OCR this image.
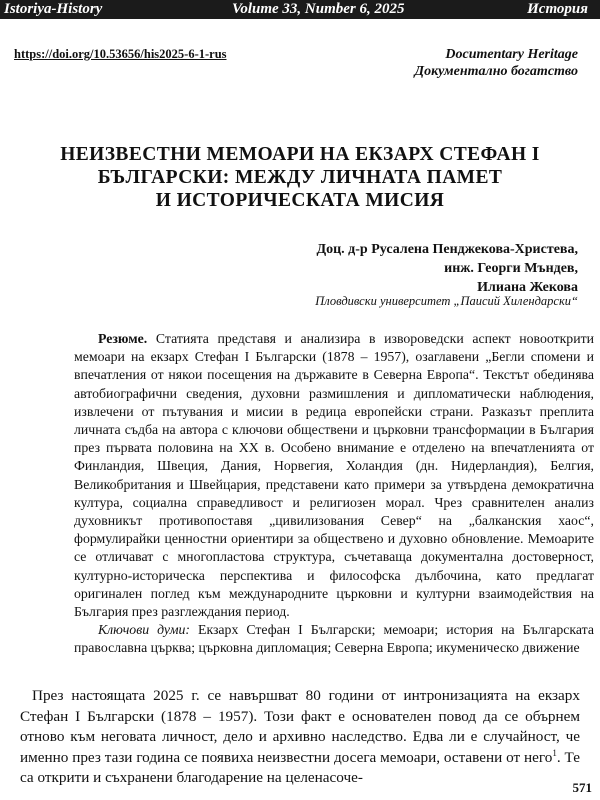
Istoriya-History	Volume 33, Number 6, 2025	История
https://doi.org/10.53656/his2025-6-1-rus	Documentary Heritage
Документално богатство
НЕИЗВЕСТНИ МЕМОАРИ НА ЕКЗАРХ СТЕФАН I
БЪЛГАРСКИ: МЕЖДУ ЛИЧНАТА ПАМЕТ
И ИСТОРИЧЕСКАТА МИСИЯ
Доц. д-р Русалена Пенджекова-Христева,
инж. Георги Мъндев,
Илиана Жекова
Пловдивски университет „Паисий Хилендарски“

Резюме. Статията представя и анализира в извороведски аспект новооткрити мемоари на екзарх Стефан I Български (1878 – 1957), озаглавени „Бегли спомени и впечатления от някои посещения на държавите в Северна Европа“. Текстът обединява автобиографични сведения, духовни размишления и дипломатически наблюдения, извлечени от пътувания и мисии в редица европейски страни. Разказът преплита личната съдба на автора с ключови обществени и църковни трансформации в България през първата половина на XX в. Особено внимание е отделено на впечатленията от Финландия, Швеция, Дания, Норвегия, Холандия (дн. Нидерландия), Белгия, Великобритания и Швейцария, представени като примери за утвърдена демократична култура, социална справедливост и религиозен морал. Чрез сравнителен анализ духовникът противопоставя „цивилизования Север“ на „балканския хаос“, формулирайки ценностни ориентири за обществено и духовно обновление. Мемоарите се отличават с многопластова структура, съчетаваща документална достоверност, културно-историческа перспектива и философска дълбочина, като предлагат оригинален поглед към международните църковни и културни взаимодействия на България през разглеждания период.

Ключови думи: Екзарх Стефан I Български; мемоари; история на Българската православна църква; църковна дипломация; Северна Европа; икуменическо движение

През настоящата 2025 г. се навършват 80 години от интронизацията на екзарх Стефан I Български (1878 – 1957). Този факт е основателен повод да се обърнем отново към неговата личност, дело и архивно наследство. Едва ли е случайност, че именно през тази година се появиха неизвестни досега мемоари, оставени от него$^1$. Те са открити и съхранени благодарение на целенасоче-

571
